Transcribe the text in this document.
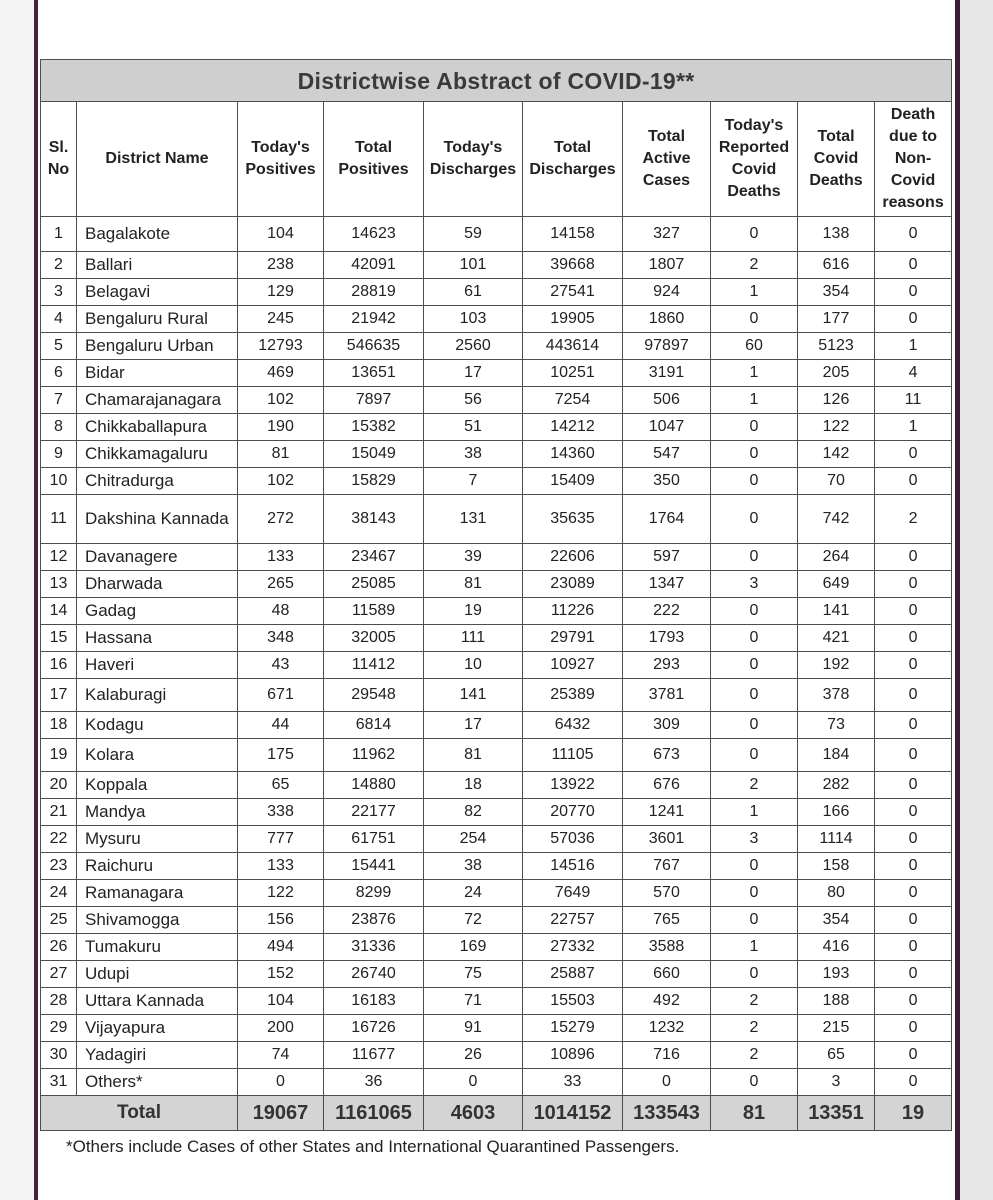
Districtwise Abstract of COVID-19**									
Sl. No	District Name	Today's Positives	Total Positives	Today's Discharges	Total Discharges	Total Active Cases	Today's Reported Covid Deaths	Total Covid Deaths	Death due to Non-Covid reasons
1	Bagalakote	104	14623	59	14158	327	0	138	0
2	Ballari	238	42091	101	39668	1807	2	616	0
3	Belagavi	129	28819	61	27541	924	1	354	0
4	Bengaluru Rural	245	21942	103	19905	1860	0	177	0
5	Bengaluru Urban	12793	546635	2560	443614	97897	60	5123	1
6	Bidar	469	13651	17	10251	3191	1	205	4
7	Chamarajanagara	102	7897	56	7254	506	1	126	11
8	Chikkaballapura	190	15382	51	14212	1047	0	122	1
9	Chikkamagaluru	81	15049	38	14360	547	0	142	0
10	Chitradurga	102	15829	7	15409	350	0	70	0
11	Dakshina Kannada	272	38143	131	35635	1764	0	742	2
12	Davanagere	133	23467	39	22606	597	0	264	0
13	Dharwada	265	25085	81	23089	1347	3	649	0
14	Gadag	48	11589	19	11226	222	0	141	0
15	Hassana	348	32005	111	29791	1793	0	421	0
16	Haveri	43	11412	10	10927	293	0	192	0
17	Kalaburagi	671	29548	141	25389	3781	0	378	0
18	Kodagu	44	6814	17	6432	309	0	73	0
19	Kolara	175	11962	81	11105	673	0	184	0
20	Koppala	65	14880	18	13922	676	2	282	0
21	Mandya	338	22177	82	20770	1241	1	166	0
22	Mysuru	777	61751	254	57036	3601	3	1114	0
23	Raichuru	133	15441	38	14516	767	0	158	0
24	Ramanagara	122	8299	24	7649	570	0	80	0
25	Shivamogga	156	23876	72	22757	765	0	354	0
26	Tumakuru	494	31336	169	27332	3588	1	416	0
27	Udupi	152	26740	75	25887	660	0	193	0
28	Uttara Kannada	104	16183	71	15503	492	2	188	0
29	Vijayapura	200	16726	91	15279	1232	2	215	0
30	Yadagiri	74	11677	26	10896	716	2	65	0
31	Others*	0	36	0	33	0	0	3	0
Total		19067	1161065	4603	1014152	133543	81	13351	19
*Others include Cases of other States and International Quarantined Passengers.
